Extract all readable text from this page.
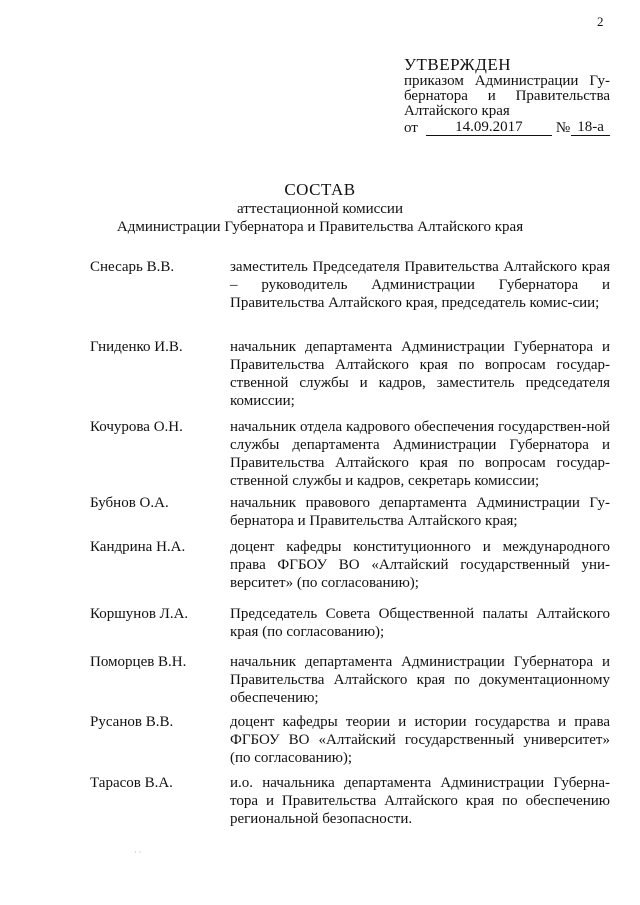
2
УТВЕРЖДЕН
приказом Администрации Гу-
бернатора и Правительства
Алтайского края
от	14.09.2017	№ 18-а
СОСТАВ
аттестационной комиссии
Администрации Губернатора и Правительства Алтайского края
Снесарь В.В.	заместитель Председателя Правительства Алтайского края – руководитель Администрации Губернатора и Правительства Алтайского края, председатель комис-сии;
Гниденко И.В.	начальник департамента Администрации Губернатора и Правительства Алтайского края по вопросам государ-ственной службы и кадров, заместитель председателя комиссии;
Кочурова О.Н.	начальник отдела кадрового обеспечения государствен-ной службы департамента Администрации Губернатора и Правительства Алтайского края по вопросам государ-ственной службы и кадров, секретарь комиссии;
Бубнов О.А.	начальник правового департамента Администрации Гу-бернатора и Правительства Алтайского края;
Кандрина Н.А.	доцент кафедры конституционного и международного права ФГБОУ ВО «Алтайский государственный уни-верситет» (по согласованию);
Коршунов Л.А.	Председатель Совета Общественной палаты Алтайского края (по согласованию);
Поморцев В.Н.	начальник департамента Администрации Губернатора и Правительства Алтайского края по документационному обеспечению;
Русанов В.В.	доцент кафедры теории и истории государства и права ФГБОУ ВО «Алтайский государственный университет» (по согласованию);
Тарасов В.А.	и.о. начальника департамента Администрации Губерна-тора и Правительства Алтайского края по обеспечению региональной безопасности.
· ·
